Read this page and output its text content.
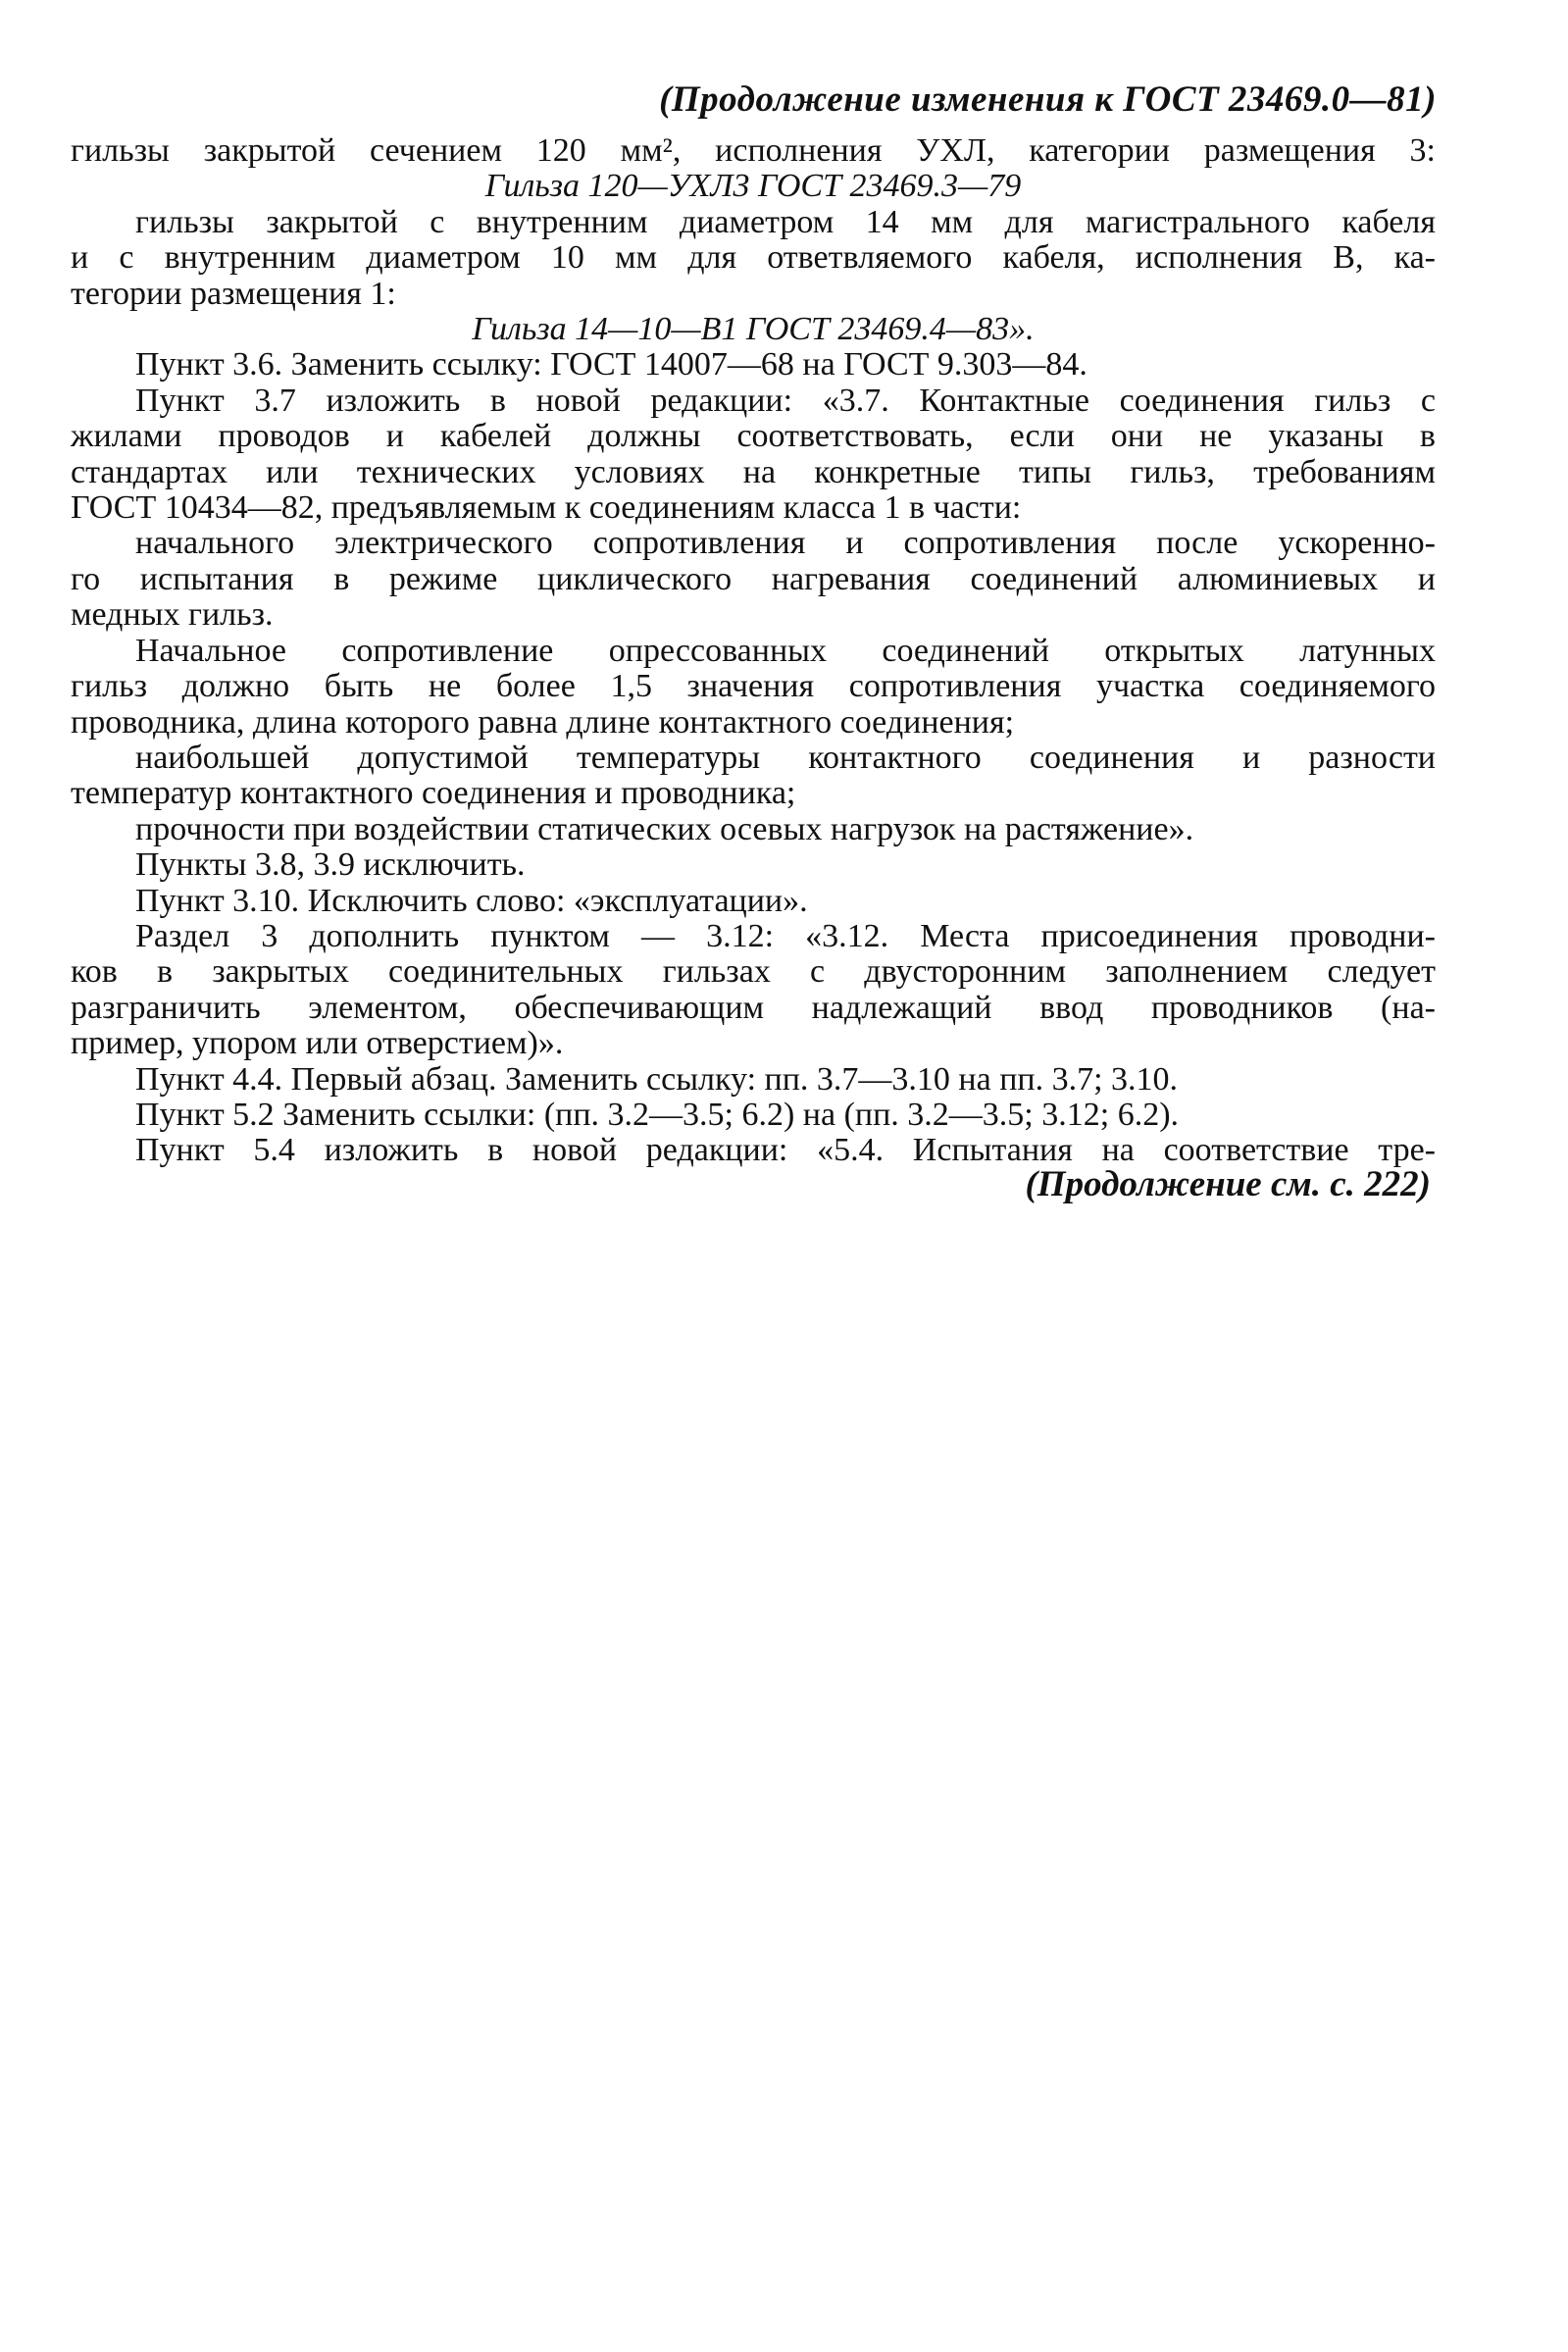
(Продолжение изменения к ГОСТ 23469.0—81)
гильзы закрытой сечением 120 мм², исполнения УХЛ, категории размещения 3:
Гильза 120—УХЛ3 ГОСТ 23469.3—79
гильзы закрытой с внутренним диаметром 14 мм для магистрального кабеля
и с внутренним диаметром 10 мм для ответвляемого кабеля, исполнения В, ка-
тегории размещения 1:
Гильза 14—10—В1 ГОСТ 23469.4—83».
Пункт 3.6. Заменить ссылку: ГОСТ 14007—68 на ГОСТ 9.303—84.
Пункт 3.7 изложить в новой редакции: «3.7. Контактные соединения гильз с
жилами проводов и кабелей должны соответствовать, если они не указаны в
стандартах или технических условиях на конкретные типы гильз, требованиям
ГОСТ 10434—82, предъявляемым к соединениям класса 1 в части:
начального электрического сопротивления и сопротивления после ускоренно-
го испытания в режиме циклического нагревания соединений алюминиевых и
медных гильз.
Начальное сопротивление опрессованных соединений открытых латунных
гильз должно быть не более 1,5 значения сопротивления участка соединяемого
проводника, длина которого равна длине контактного соединения;
наибольшей допустимой температуры контактного соединения и разности
температур контактного соединения и проводника;
прочности при воздействии статических осевых нагрузок на растяжение».
Пункты 3.8, 3.9 исключить.
Пункт 3.10. Исключить слово: «эксплуатации».
Раздел 3 дополнить пунктом — 3.12: «3.12. Места присоединения проводни-
ков в закрытых соединительных гильзах с двусторонним заполнением следует
разграничить элементом, обеспечивающим надлежащий ввод проводников (на-
пример, упором или отверстием)».
Пункт 4.4. Первый абзац. Заменить ссылку: пп. 3.7—3.10 на пп. 3.7; 3.10.
Пункт 5.2 Заменить ссылки: (пп. 3.2—3.5; 6.2) на (пп. 3.2—3.5; 3.12; 6.2).
Пункт 5.4 изложить в новой редакции: «5.4. Испытания на соответствие тре-
(Продолжение см. с. 222)
